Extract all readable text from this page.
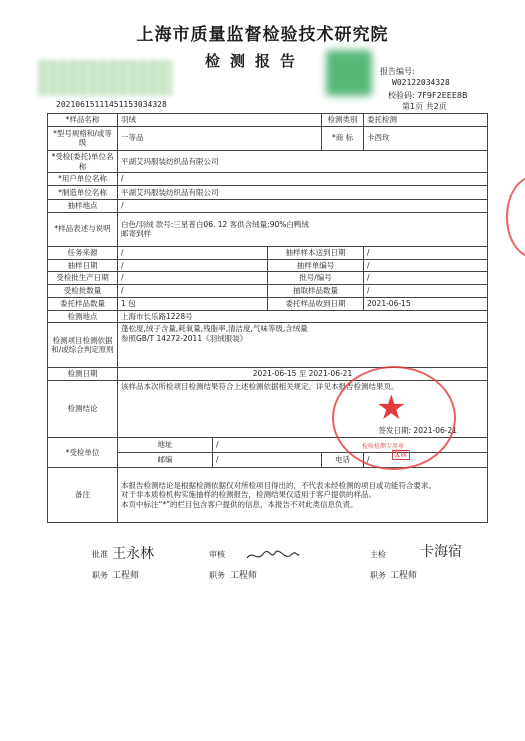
上海市质量监督检验技术研究院
检测报告
20210615111451153034328
报告编号:
W02122034328
校验码: 7F9F2EEE8B
第1页 共2页
*样品名称	羽绒			检测类别	委托检测
*型号规格和/或等级	一等品			*商 标	卡西玫
*受检(委托)单位名称	平湖艾玛服装纺织品有限公司				
*用户单位名称	/				
*制造单位名称	平湖艾玛服装纺织品有限公司				
抽样地点	/				
*样品表述与说明	白色/羽绒 款号:三星普白06. 12 客供含绒量:90%白鸭绒
邮寄到样				

任务来源	/		抽样样本送到日期		/
抽样日期	/		抽样单编号		/
受检批生产日期	/		批号/编号		/
受检批数量	/		抽取样品数量		/
委托样品数量	1 包		委托样品收到日期		2021-06-15
检测地点	上海市长乐路1228号				
检测项目检测依据 和/或综合判定原则	蓬松度,绒子含量,耗氧量,残脂率,清洁度,气味等级,含绒量
参照GB/T 14272-2011《羽绒服装》				

检测日期	2021-06-15 至 2021-06-21				
检测结论	该样品本次所检项目检测结果符合上述检测依据相关规定。详见本报告检测结果页。
签发日期: 2021-06-21				

*受检单位	地址	/			
	邮编	/		电话	/
备注	本报告检测结论是根据检测依据仅对所检项目得出的，不代表未经检测的项目或功能符合要求。
对于非本质检机构实施抽样的检测报告，检测结果仅适用于客户提供的样品。
本页中标注“*”的栏目包含客户提供的信息，本报告不对此类信息负责。				
★
检验检测专用章
XW
批准 王永林	审核	主检 卡海宿
职务 工程师	职务 工程师	职务 工程师
